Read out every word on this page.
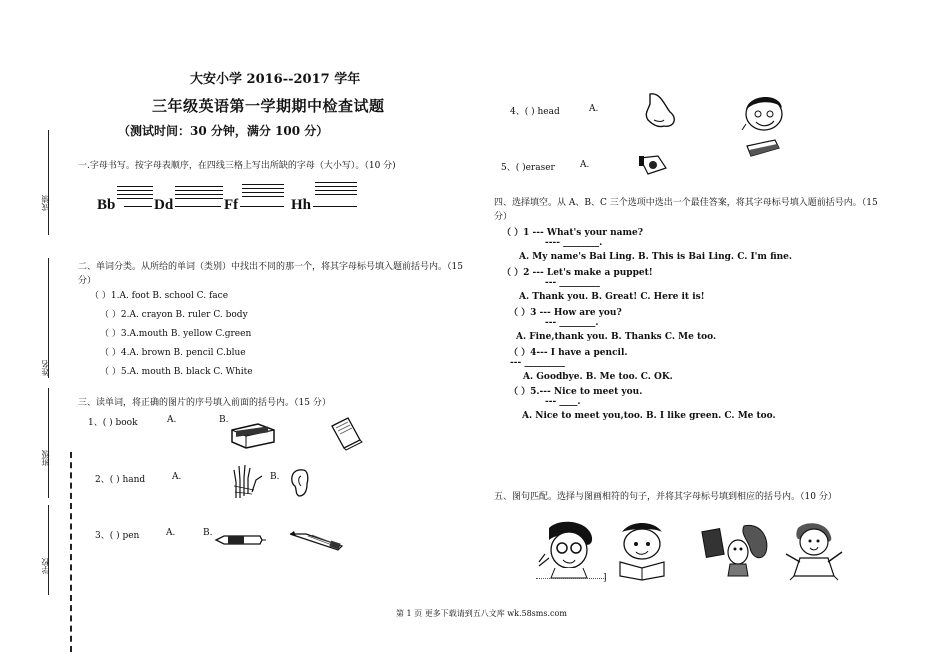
成绩
姓名
班级
学校
大安小学 2016--2017 学年
三年级英语第一学期期中检查试题
（测试时间：30 分钟，满分 100 分）
一.字母书写。按字母表顺序，在四线三格上写出所缺的字母（大小写）。（10 分)
Bb	Dd	Ff	Hh
二、单词分类。从所给的单词（类别）中找出不同的那一个，将其字母标号填入题前括号内。（15 分）
（ ）1.A. foot B. school C. face
（ ）2.A. crayon B. ruler C. body
（ ）3.A.mouth B. yellow C.green
（ ）4.A. brown B. pencil C.blue
（ ）5.A. mouth B. black C. White
三、读单词，将正确的图片的序号填入前面的括号内。（15 分）
1、( ) book	A.	B.
2、( ) hand	A.	B.
3、( ) pen	A.	B.
4、( ) head	A.
5、( )eraser	A.
四、选择填空。从 A、B、C 三个选项中选出一个最佳答案，将其字母标号填入题前括号内。（15 分）
（ ）1 --- What's your name?
---- ________.
A. My name's Bai Ling. B. This is Bai Ling. C. I'm fine.
（ ）2 --- Let's make a puppet!
--- _________
A. Thank you. B. Great! C. Here it is!
（ ）3 --- How are you?
--- ________.
A. Fine,thank you. B. Thanks C. Me too.
（ ）4--- I have a pencil.
--- _________
A. Goodbye. B. Me too. C. OK.
（ ）5.--- Nice to meet you.
--- ____.
A. Nice to meet you,too. B. I like green. C. Me too.
五、图句匹配。选择与图画相符的句子，并将其字母标号填到相应的括号内。（10 分）
]
第 1 页 更多下载请到五八文库 wk.58sms.com
